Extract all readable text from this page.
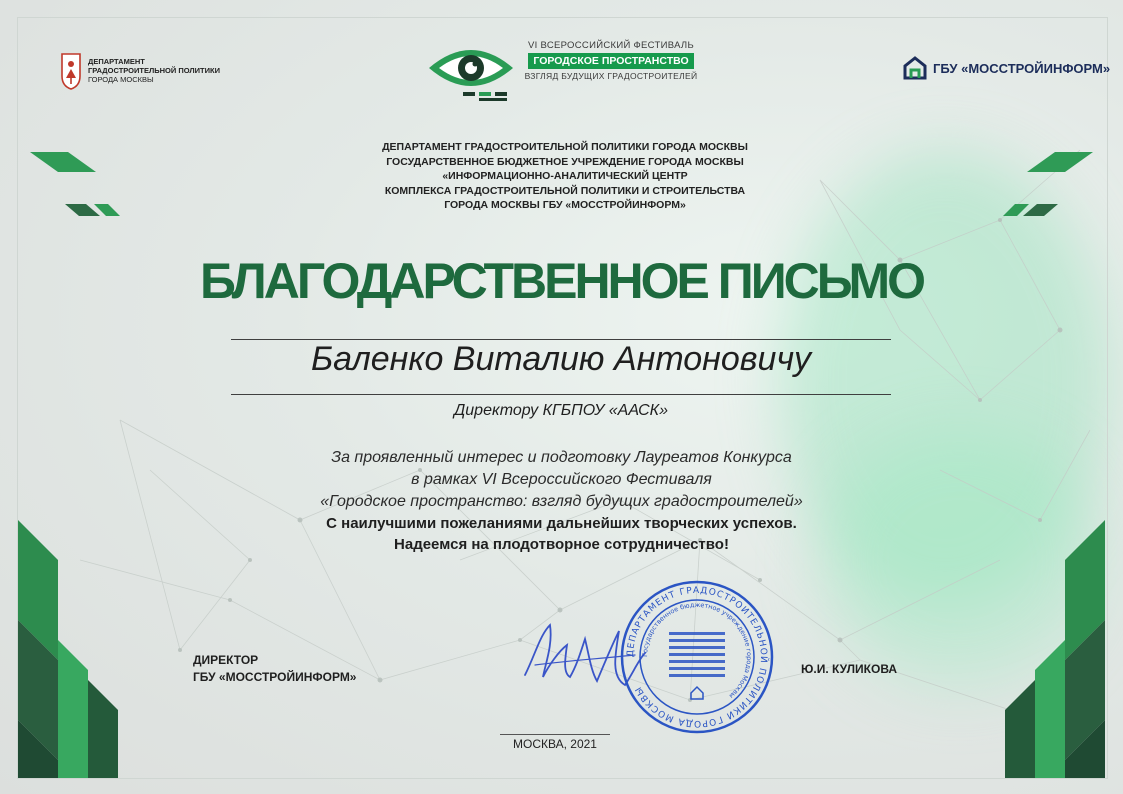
ДЕПАРТАМЕНТ
ГРАДОСТРОИТЕЛЬНОЙ ПОЛИТИКИ
ГОРОДА МОСКВЫ
VI ВСЕРОССИЙСКИЙ ФЕСТИВАЛЬ
ГОРОДСКОЕ ПРОСТРАНСТВО
ВЗГЛЯД БУДУЩИХ ГРАДОСТРОИТЕЛЕЙ
ГБУ «МОССТРОЙИНФОРМ»
ДЕПАРТАМЕНТ ГРАДОСТРОИТЕЛЬНОЙ ПОЛИТИКИ ГОРОДА МОСКВЫ
ГОСУДАРСТВЕННОЕ БЮДЖЕТНОЕ УЧРЕЖДЕНИЕ ГОРОДА МОСКВЫ
«ИНФОРМАЦИОННО-АНАЛИТИЧЕСКИЙ ЦЕНТР
КОМПЛЕКСА ГРАДОСТРОИТЕЛЬНОЙ ПОЛИТИКИ И СТРОИТЕЛЬСТВА
ГОРОДА МОСКВЫ ГБУ «МОССТРОЙИНФОРМ»
БЛАГОДАРСТВЕННОЕ ПИСЬМО
Баленко Виталию Антоновичу
Директору КГБПОУ «ААСК»
За проявленный интерес и подготовку Лауреатов Конкурса
в рамках VI Всероссийского Фестиваля
«Городское пространство: взгляд будущих градостроителей»
С наилучшими пожеланиями дальнейших творческих успехов.
Надеемся на плодотворное сотрудничество!
ДИРЕКТОР
ГБУ «МОССТРОЙИНФОРМ»
ДЕПАРТАМЕНТ ГРАДОСТРОИТЕЛЬНОЙ ПОЛИТИКИ ГОРОДА МОСКВЫ
Государственное бюджетное учреждение города Москвы
Ю.И. КУЛИКОВА
МОСКВА, 2021
